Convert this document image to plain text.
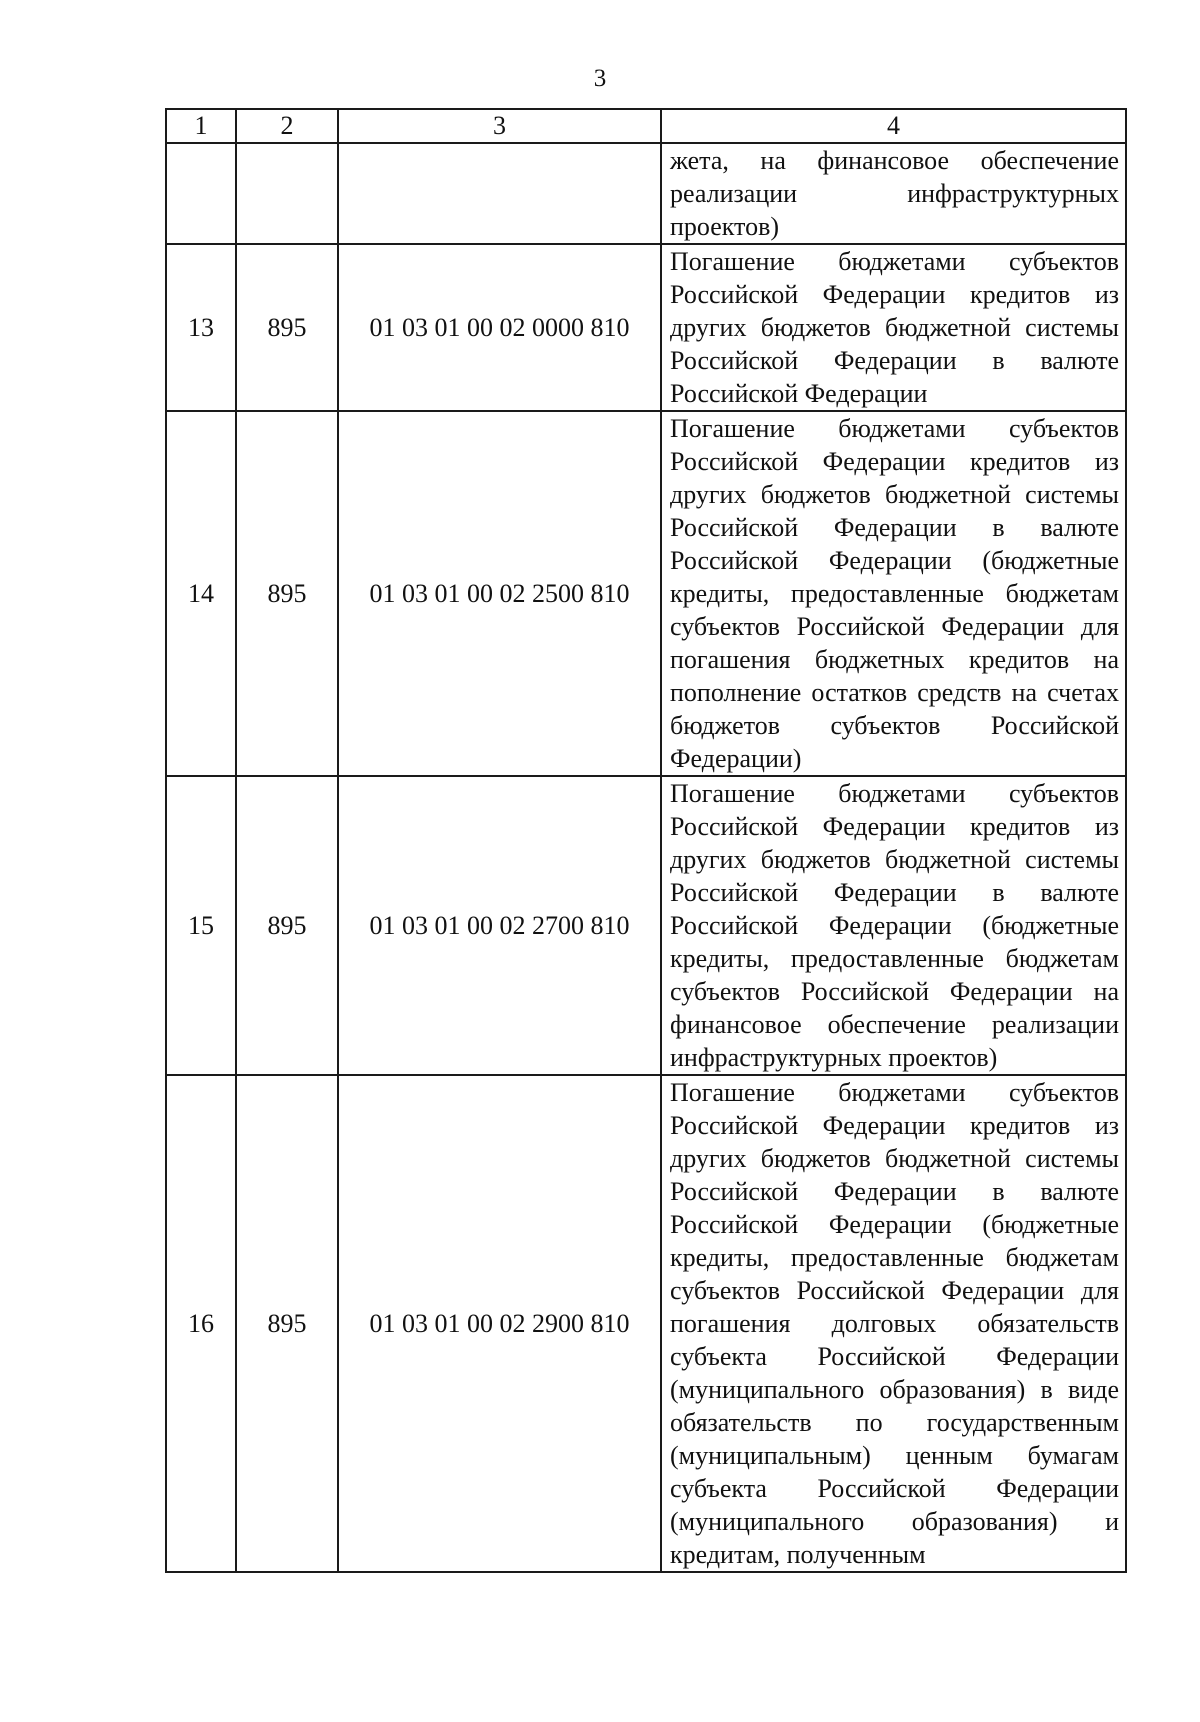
3
1	2	3	4
			жета, на финансовое обеспечение реализации инфраструктурных проектов)
13	895	01 03 01 00 02 0000 810	Погашение бюджетами субъектов Российской Федерации кредитов из других бюджетов бюджетной системы Российской Федерации в валюте Российской Федерации
14	895	01 03 01 00 02 2500 810	Погашение бюджетами субъектов Российской Федерации кредитов из других бюджетов бюджетной системы Российской Федерации в валюте Российской Федерации (бюджетные кредиты, предоставленные бюджетам субъектов Российской Федерации для погашения бюджетных кредитов на пополнение остатков средств на счетах бюджетов субъектов Российской Федерации)
15	895	01 03 01 00 02 2700 810	Погашение бюджетами субъектов Российской Федерации кредитов из других бюджетов бюджетной системы Российской Федерации в валюте Российской Федерации (бюджетные кредиты, предоставленные бюджетам субъектов Российской Федерации на финансовое обеспечение реализации инфраструктурных проектов)
16	895	01 03 01 00 02 2900 810	Погашение бюджетами субъектов Российской Федерации кредитов из других бюджетов бюджетной системы Российской Федерации в валюте Российской Федерации (бюджетные кредиты, предоставленные бюджетам субъектов Российской Федерации для погашения долговых обязательств субъекта Российской Федерации (муниципального образования) в виде обязательств по государственным (муниципальным) ценным бумагам субъекта Российской Федерации (муниципального образования) и кредитам, полученным
